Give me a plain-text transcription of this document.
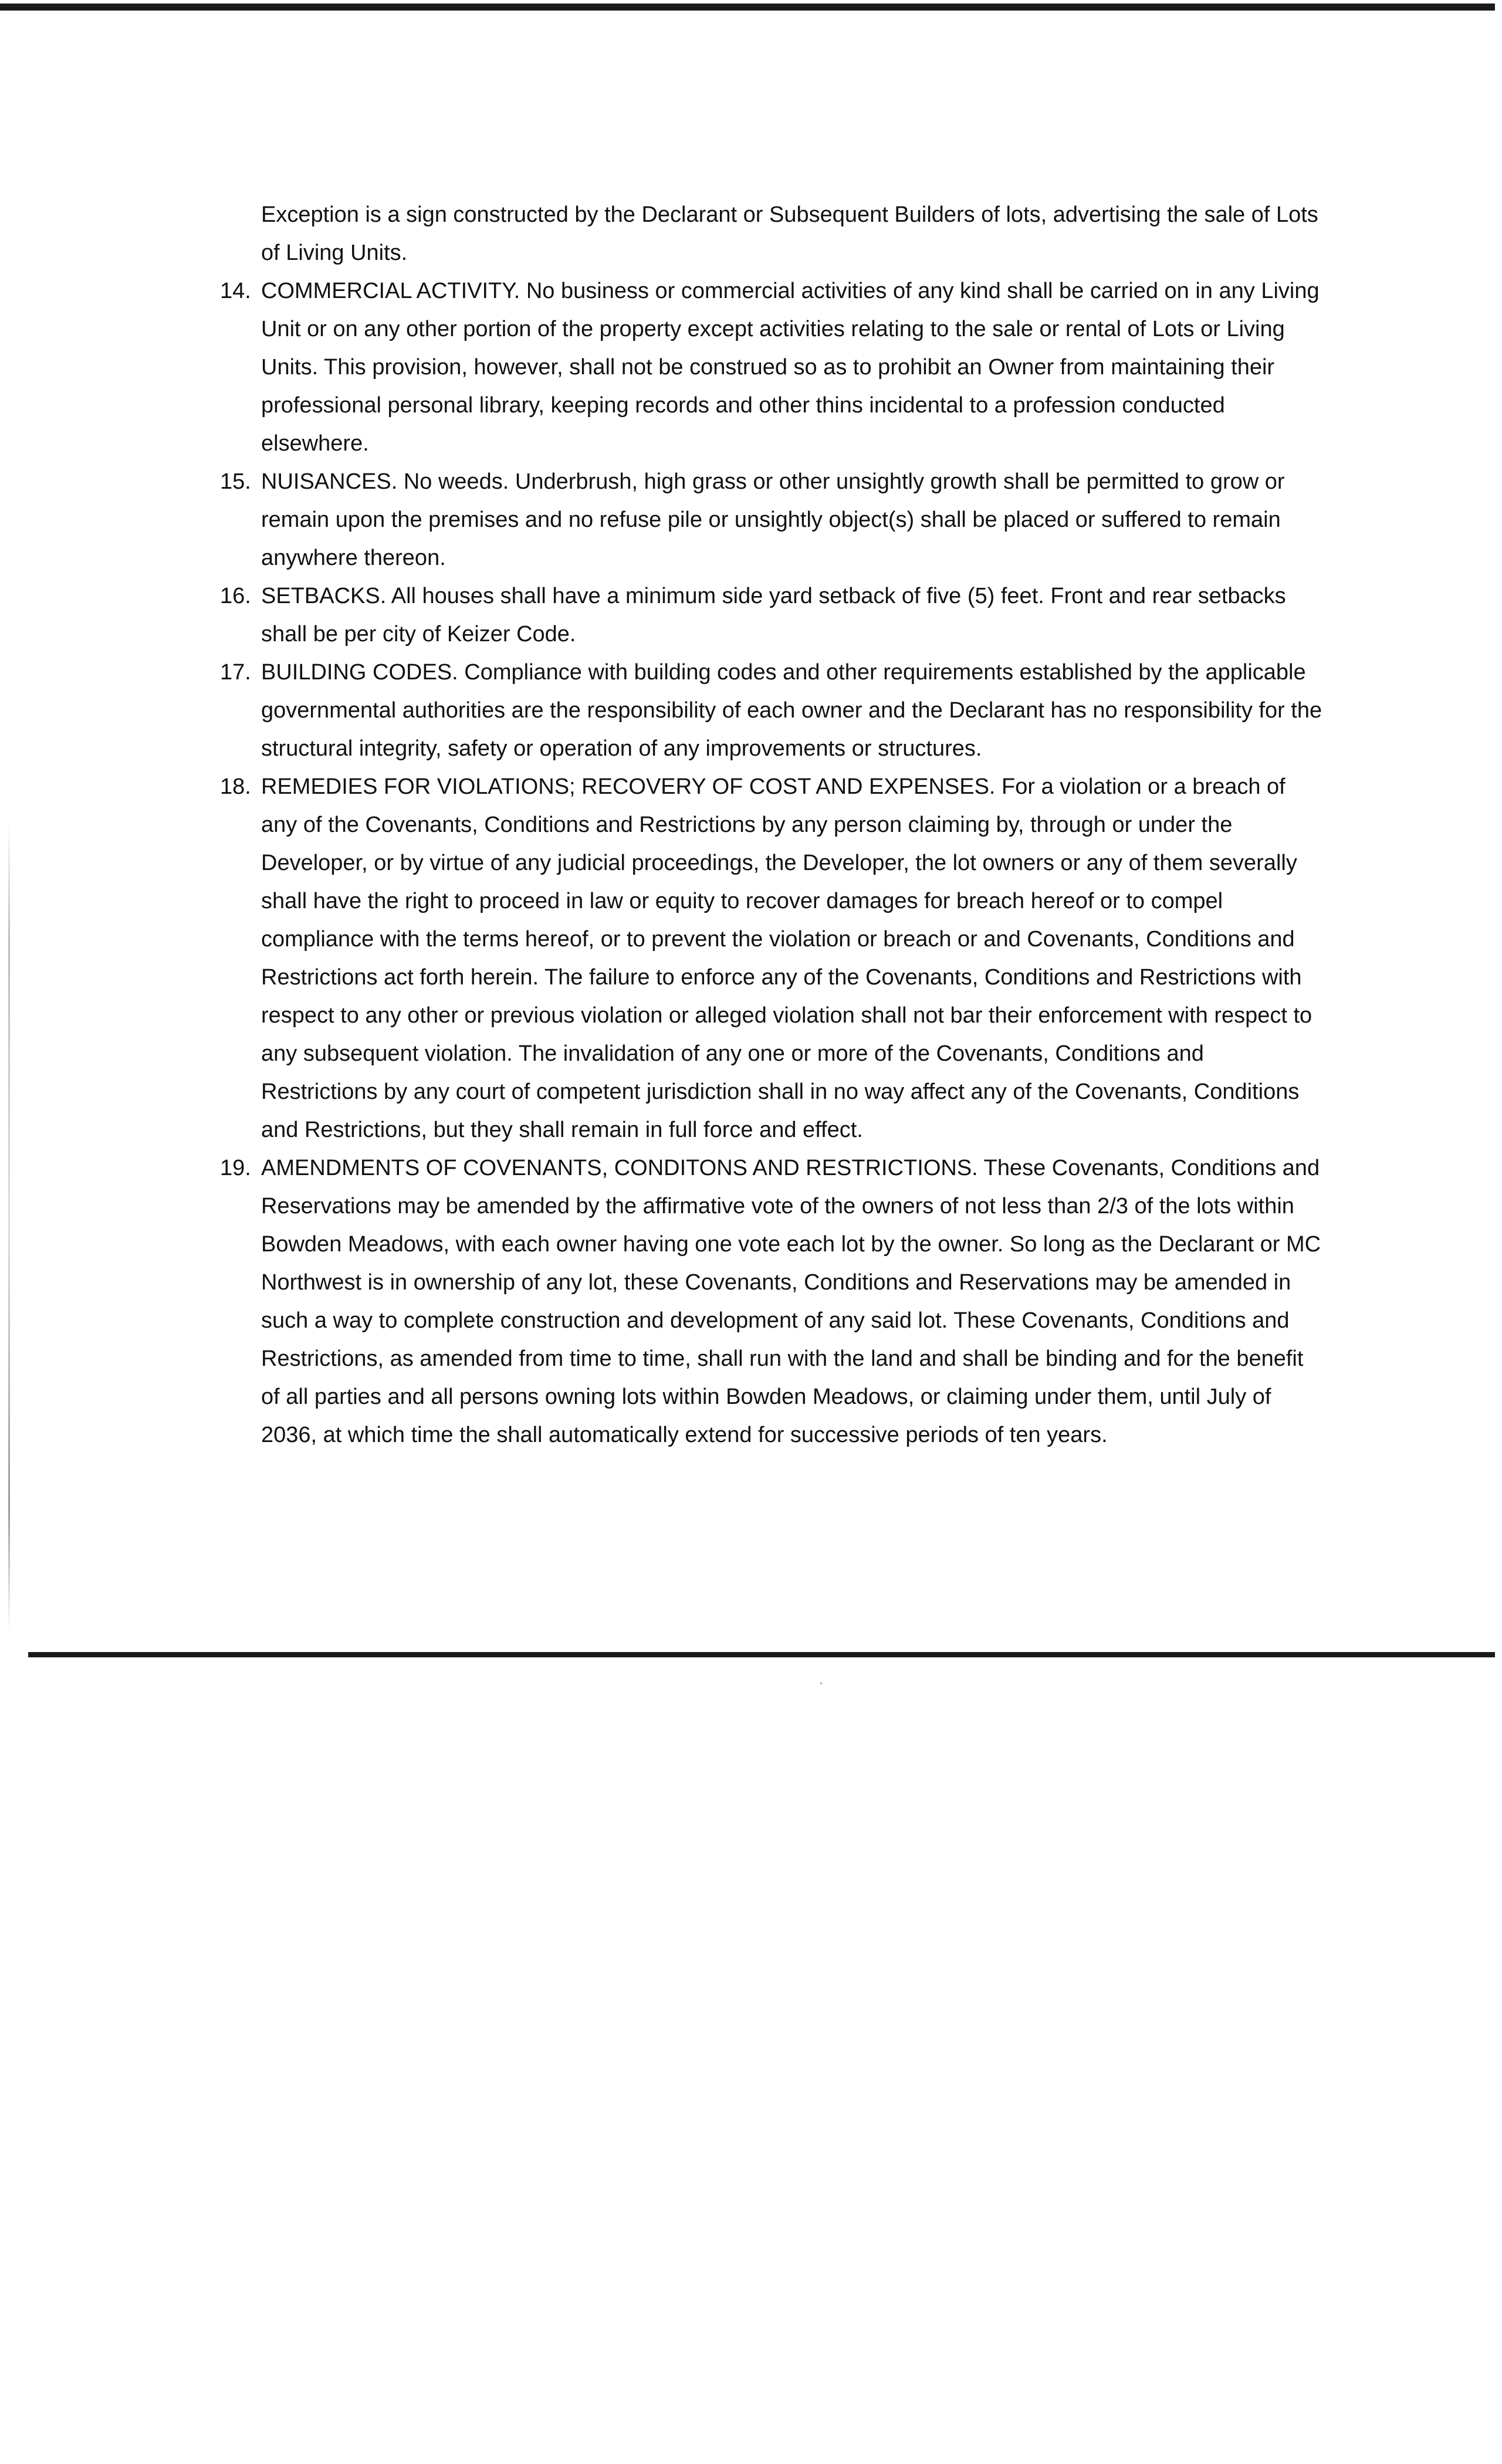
Exception is a sign constructed by the Declarant or Subsequent Builders of lots, advertising the sale of Lots of Living Units.

14. COMMERCIAL ACTIVITY. No business or commercial activities of any kind shall be carried on in any Living Unit or on any other portion of the property except activities relating to the sale or rental of Lots or Living Units. This provision, however, shall not be construed so as to prohibit an Owner from maintaining their professional personal library, keeping records and other thins incidental to a profession conducted elsewhere.
15. NUISANCES. No weeds. Underbrush, high grass or other unsightly growth shall be permitted to grow or remain upon the premises and no refuse pile or unsightly object(s) shall be placed or suffered to remain anywhere thereon.
16. SETBACKS. All houses shall have a minimum side yard setback of five (5) feet. Front and rear setbacks shall be per city of Keizer Code.
17. BUILDING CODES. Compliance with building codes and other requirements established by the applicable governmental authorities are the responsibility of each owner and the Declarant has no responsibility for the structural integrity, safety or operation of any improvements or structures.
18. REMEDIES FOR VIOLATIONS; RECOVERY OF COST AND EXPENSES. For a violation or a breach of any of the Covenants, Conditions and Restrictions by any person claiming by, through or under the Developer, or by virtue of any judicial proceedings, the Developer, the lot owners or any of them severally shall have the right to proceed in law or equity to recover damages for breach hereof or to compel compliance with the terms hereof, or to prevent the violation or breach or and Covenants, Conditions and Restrictions act forth herein. The failure to enforce any of the Covenants, Conditions and Restrictions with respect to any other or previous violation or alleged violation shall not bar their enforcement with respect to any subsequent violation. The invalidation of any one or more of the Covenants, Conditions and Restrictions by any court of competent jurisdiction shall in no way affect any of the Covenants, Conditions and Restrictions, but they shall remain in full force and effect.
19. AMENDMENTS OF COVENANTS, CONDITONS AND RESTRICTIONS. These Covenants, Conditions and Reservations may be amended by the affirmative vote of the owners of not less than 2/3 of the lots within Bowden Meadows, with each owner having one vote each lot by the owner. So long as the Declarant or MC Northwest is in ownership of any lot, these Covenants, Conditions and Reservations may be amended in such a way to complete construction and development of any said lot. These Covenants, Conditions and Restrictions, as amended from time to time, shall run with the land and shall be binding and for the benefit of all parties and all persons owning lots within Bowden Meadows, or claiming under them, until July of 2036, at which time the shall automatically extend for successive periods of ten years.
